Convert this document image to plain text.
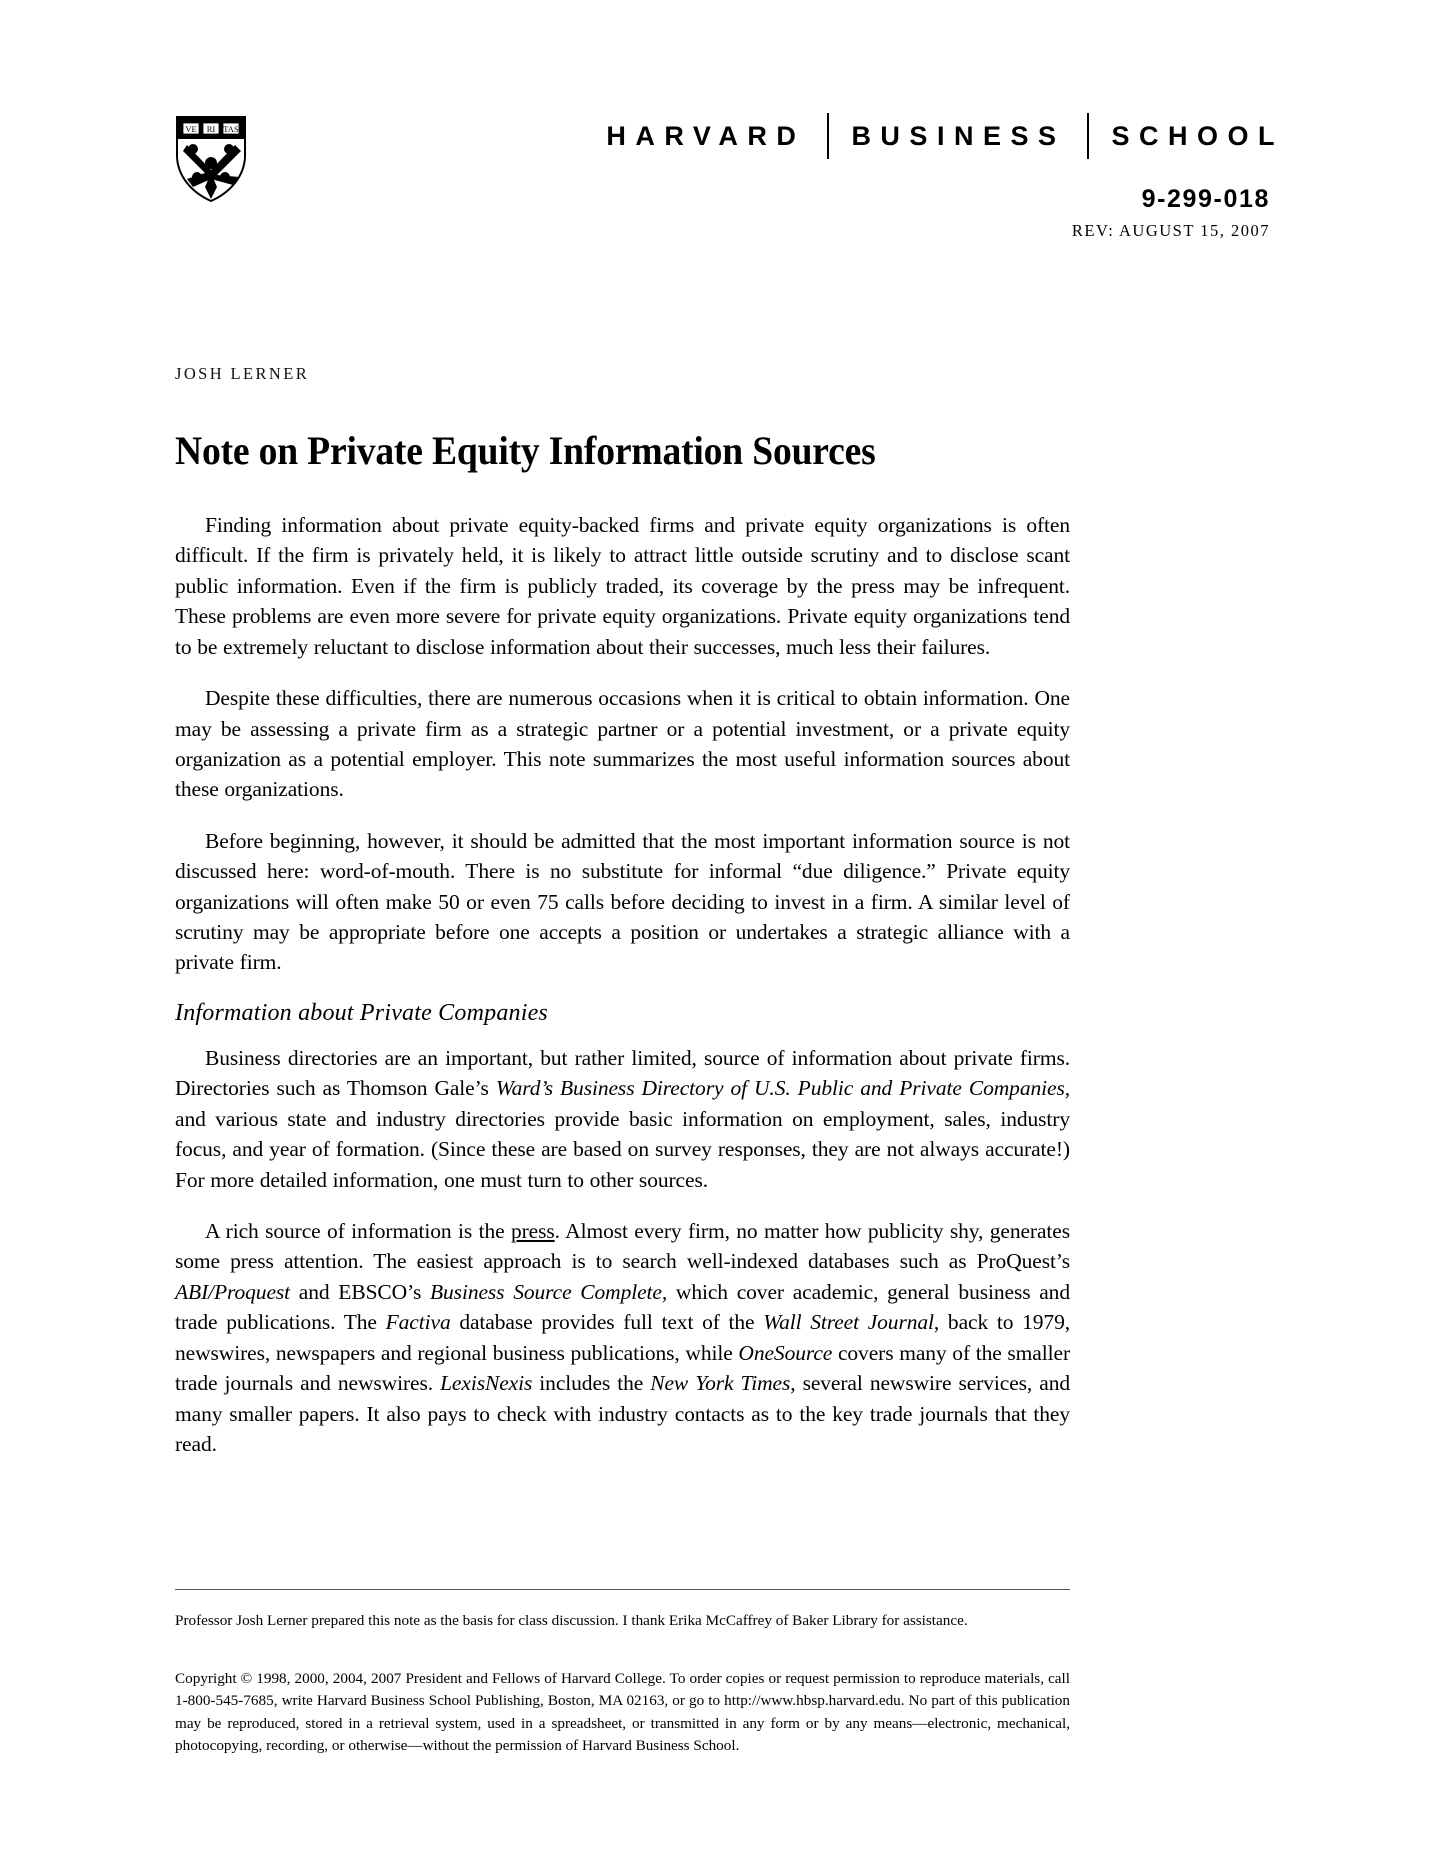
VE RI TAS	HARVARD	BUSINESS	SCHOOL
9-299-018
REV: AUGUST 15, 2007
JOSH LERNER
Note on Private Equity Information Sources

Finding information about private equity-backed firms and private equity organizations is often difficult. If the firm is privately held, it is likely to attract little outside scrutiny and to disclose scant public information. Even if the firm is publicly traded, its coverage by the press may be infrequent. These problems are even more severe for private equity organizations. Private equity organizations tend to be extremely reluctant to disclose information about their successes, much less their failures.

Despite these difficulties, there are numerous occasions when it is critical to obtain information. One may be assessing a private firm as a strategic partner or a potential investment, or a private equity organization as a potential employer. This note summarizes the most useful information sources about these organizations.

Before beginning, however, it should be admitted that the most important information source is not discussed here: word-of-mouth. There is no substitute for informal “due diligence.” Private equity organizations will often make 50 or even 75 calls before deciding to invest in a firm. A similar level of scrutiny may be appropriate before one accepts a position or undertakes a strategic alliance with a private firm.

Information about Private Companies

Business directories are an important, but rather limited, source of information about private firms. Directories such as Thomson Gale’s Ward’s Business Directory of U.S. Public and Private Companies, and various state and industry directories provide basic information on employment, sales, industry focus, and year of formation. (Since these are based on survey responses, they are not always accurate!) For more detailed information, one must turn to other sources.

A rich source of information is the press. Almost every firm, no matter how publicity shy, generates some press attention. The easiest approach is to search well-indexed databases such as ProQuest’s ABI/Proquest and EBSCO’s Business Source Complete, which cover academic, general business and trade publications. The Factiva database provides full text of the Wall Street Journal, back to 1979, newswires, newspapers and regional business publications, while OneSource covers many of the smaller trade journals and newswires. LexisNexis includes the New York Times, several newswire services, and many smaller papers. It also pays to check with industry contacts as to the key trade journals that they read.

Professor Josh Lerner prepared this note as the basis for class discussion. I thank Erika McCaffrey of Baker Library for assistance.

Copyright © 1998, 2000, 2004, 2007 President and Fellows of Harvard College. To order copies or request permission to reproduce materials, call 1-800-545-7685, write Harvard Business School Publishing, Boston, MA 02163, or go to http://www.hbsp.harvard.edu. No part of this publication may be reproduced, stored in a retrieval system, used in a spreadsheet, or transmitted in any form or by any means—electronic, mechanical, photocopying, recording, or otherwise—without the permission of Harvard Business School.
